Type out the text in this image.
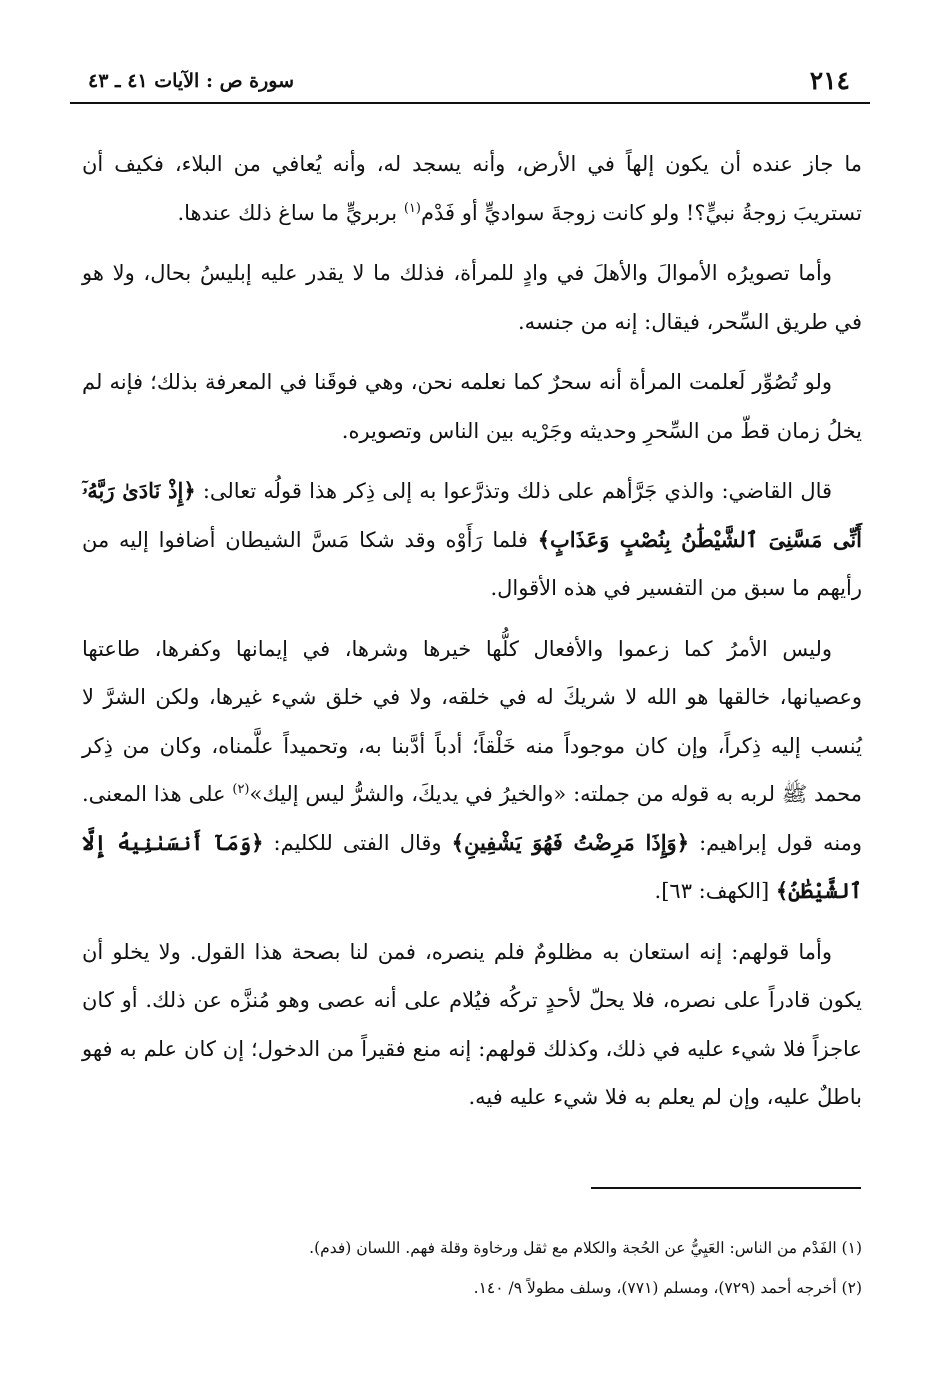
٢١٤
سورة ص : الآيات ٤١ ـ ٤٣

ما جاز عنده أن يكون إلهاً في الأرض، وأنه يسجد له، وأنه يُعافي من البلاء، فكيف أن تستريبَ زوجةُ نبيٍّ؟! ولو كانت زوجةَ سواديٍّ أو فَدْم$^{(١)}$ بربريٍّ ما ساغ ذلك عندها.

وأما تصويرُه الأموالَ والأهلَ في وادٍ للمرأة، فذلك ما لا يقدر عليه إبليسُ بحال، ولا هو في طريق السِّحر، فيقال: إنه من جنسه.

ولو تُصُوِّر لَعلمت المرأة أنه سحرٌ كما نعلمه نحن، وهي فوقَنا في المعرفة بذلك؛ فإنه لم يخلُ زمان قطّ من السِّحرِ وحديثه وجَرْيه بين الناس وتصويره.

قال القاضي: والذي جَرَّأهم على ذلك وتذرَّعوا به إلى ذِكر هذا قولُه تعالى: ﴿إِذْ نَادَىٰ رَبَّهُۥٓ أَنِّى مَسَّنِىَ ٱلشَّيْطَٰنُ بِنُصْبٍ وَعَذَابٍ﴾ فلما رَأَوْه وقد شكا مَسَّ الشيطان أضافوا إليه من رأيهم ما سبق من التفسير في هذه الأقوال.

وليس الأمرُ كما زعموا والأفعال كلُّها خيرها وشرها، في إيمانها وكفرها، طاعتها وعصيانها، خالقها هو الله لا شريكَ له في خلقه، ولا في خلق شيء غيرها، ولكن الشرَّ لا يُنسب إليه ذِكراً، وإن كان موجوداً منه خَلْقاً؛ أدباً أدَّبنا به، وتحميداً علَّمناه، وكان من ذِكر محمد ﷺ لربه به قوله من جملته: «والخيرُ في يديكَ، والشرُّ ليس إليك»$^{(٢)}$ على هذا المعنى. ومنه قول إبراهيم: ﴿وَإِذَا مَرِضْتُ فَهُوَ يَشْفِينِ﴾ وقال الفتى للكليم: ﴿وَمَآ أَنسَىٰنِيهُ إِلَّا ٱلشَّيْطَٰنُ﴾ [الكهف: ٦٣].

وأما قولهم: إنه استعان به مظلومٌ فلم ينصره، فمن لنا بصحة هذا القول. ولا يخلو أن يكون قادراً على نصره، فلا يحلّ لأحدٍ تركُه فيُلام على أنه عصى وهو مُنزَّه عن ذلك. أو كان عاجزاً فلا شيء عليه في ذلك، وكذلك قولهم: إنه منع فقيراً من الدخول؛ إن كان علم به فهو باطلٌ عليه، وإن لم يعلم به فلا شيء عليه فيه.

(١) الفَدْم من الناس: العَيِيُّ عن الحُجة والكلام مع ثقل ورخاوة وقلة فهم. اللسان (فدم).

(٢) أخرجه أحمد (٧٢٩)، ومسلم (٧٧١)، وسلف مطولاً ٩/ ١٤٠.
